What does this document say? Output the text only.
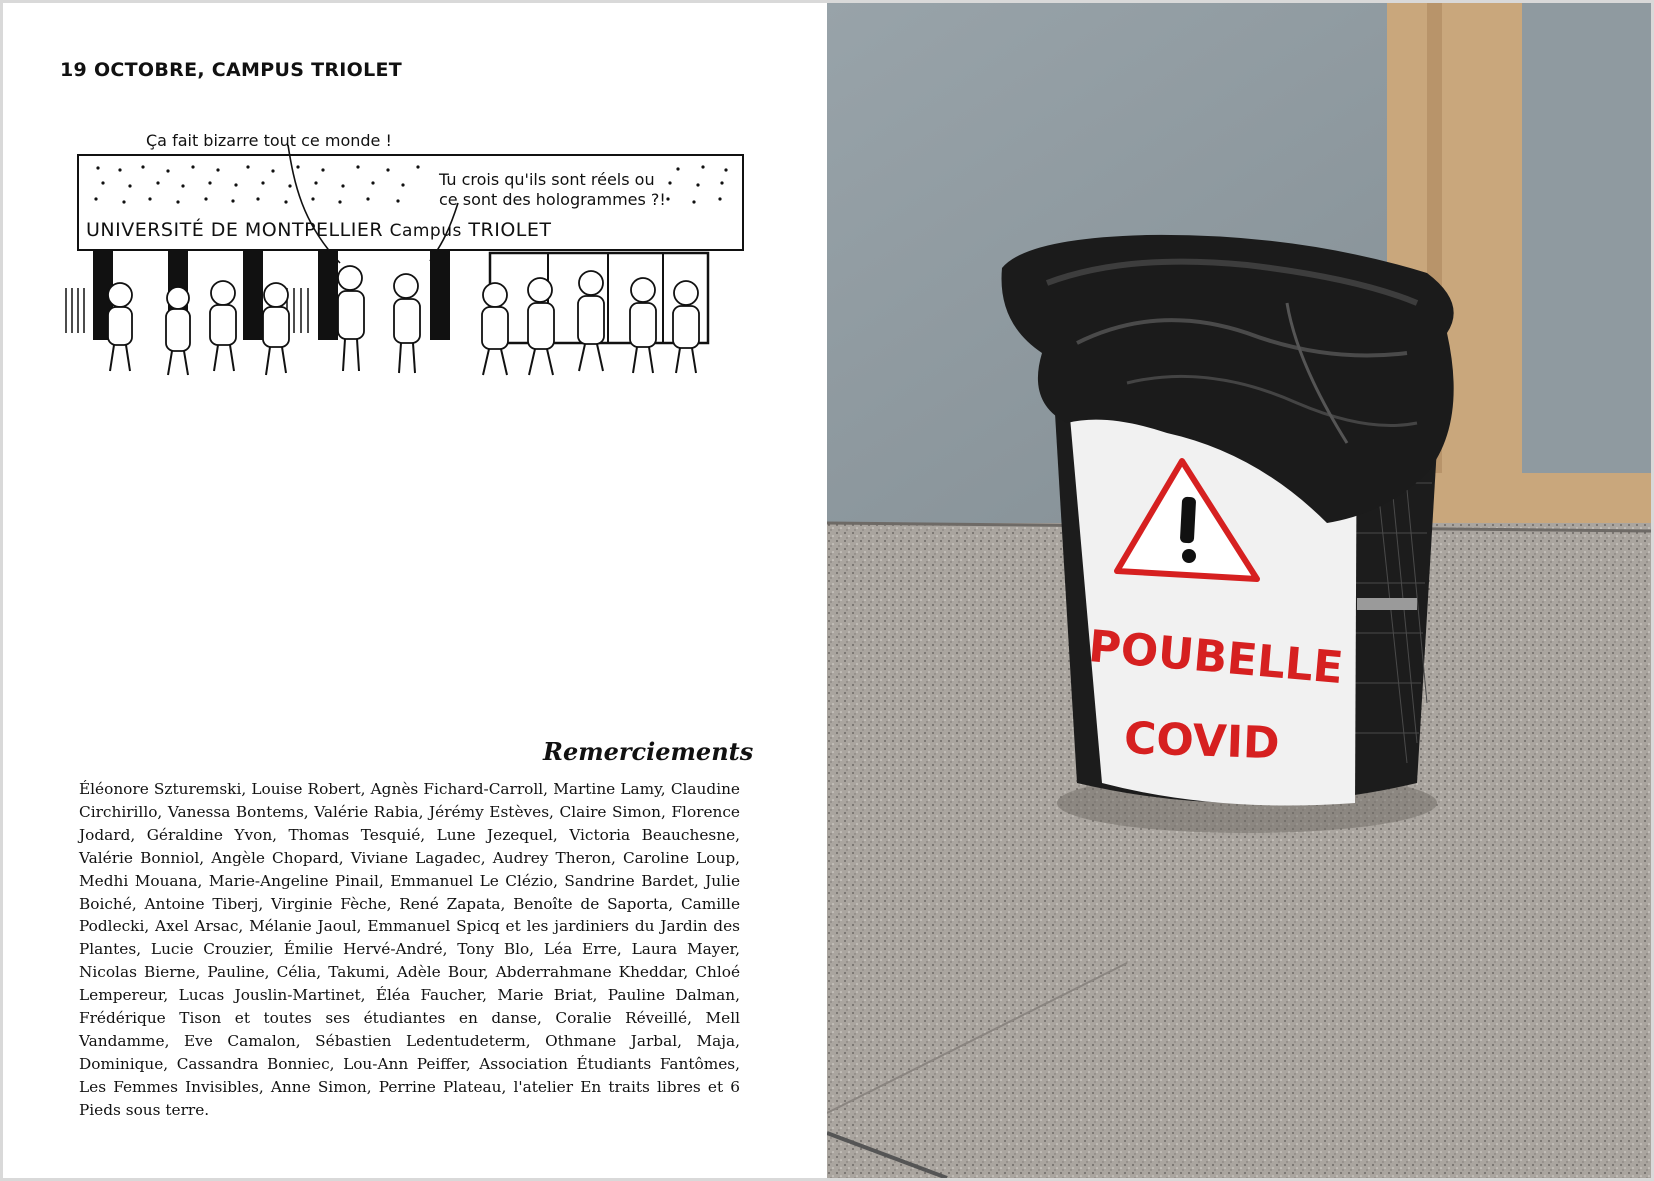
19 OCTOBRE, CAMPUS TRIOLET
Ça fait bizarre tout ce monde !
Tu crois qu'ils sont réels ou
ce sont des hologrammes ?!
UNIVERSITÉ DE MONTPELLIER Campus TRIOLET
Remerciements
Éléonore Szturemski, Louise Robert, Agnès Fichard-Carroll, Martine Lamy, Claudine Circhirillo, Vanessa Bontems, Valérie Rabia, Jérémy Estèves, Claire Simon, Florence Jodard, Géraldine Yvon, Thomas Tesquié, Lune Jezequel, Victoria Beauchesne, Valérie Bonniol, Angèle Chopard, Viviane Lagadec, Audrey Theron, Caroline Loup, Medhi Mouana, Marie-Angeline Pinail, Emmanuel Le Clézio, Sandrine Bardet, Julie Boiché, Antoine Tiberj, Virginie Fèche, René Zapata, Benoîte de Saporta, Camille Podlecki, Axel Arsac, Mélanie Jaoul, Emmanuel Spicq et les jardiniers du Jardin des Plantes, Lucie Crouzier, Émilie Hervé-André, Tony Blo, Léa Erre, Laura Mayer, Nicolas Bierne, Pauline, Célia, Takumi, Adèle Bour, Abderrahmane Kheddar, Chloé Lempereur, Lucas Jouslin-Martinet, Éléa Faucher, Marie Briat, Pauline Dalman, Frédérique Tison et toutes ses étudiantes en danse, Coralie Réveillé, Mell Vandamme, Eve Camalon, Sébastien Ledentudeterm, Othmane Jarbal, Maja, Dominique, Cassandra Bonniec, Lou-Ann Peiffer, Association Étudiants Fantômes, Les Femmes Invisibles, Anne Simon, Perrine Plateau, l'atelier En traits libres et 6 Pieds sous terre.
POUBELLE
COVID
